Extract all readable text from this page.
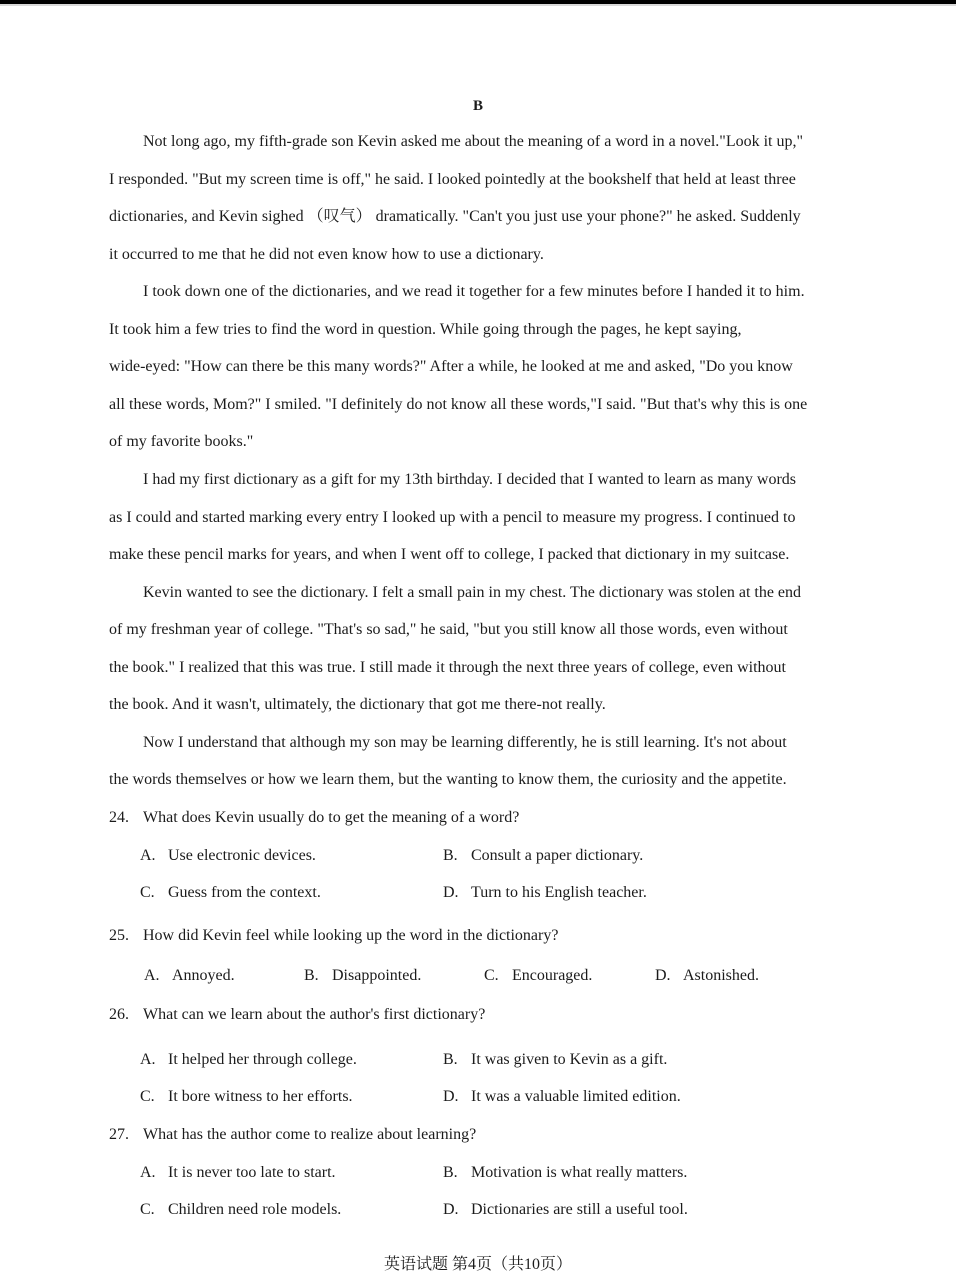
B
Not long ago, my fifth-grade son Kevin asked me about the meaning of a word in a novel."Look it up,"
I responded. "But my screen time is off," he said. I looked pointedly at the bookshelf that held at least three
dictionaries, and Kevin sighed （叹气） dramatically. "Can't you just use your phone?" he asked. Suddenly
it occurred to me that he did not even know how to use a dictionary.
I took down one of the dictionaries, and we read it together for a few minutes before I handed it to him.
It took him a few tries to find the word in question. While going through the pages, he kept saying,
wide-eyed: "How can there be this many words?" After a while, he looked at me and asked, "Do you know
all these words, Mom?" I smiled. "I definitely do not know all these words,"I said. "But that's why this is one
of my favorite books."
I had my first dictionary as a gift for my 13th birthday. I decided that I wanted to learn as many words
as I could and started marking every entry I looked up with a pencil to measure my progress. I continued to
make these pencil marks for years, and when I went off to college, I packed that dictionary in my suitcase.
Kevin wanted to see the dictionary. I felt a small pain in my chest. The dictionary was stolen at the end
of my freshman year of college. "That's so sad," he said, "but you still know all those words, even without
the book." I realized that this was true. I still made it through the next three years of college, even without
the book. And it wasn't, ultimately, the dictionary that got me there-not really.
Now I understand that although my son may be learning differently, he is still learning. It's not about
the words themselves or how we learn them, but the wanting to know them, the curiosity and the appetite.
24. What does Kevin usually do to get the meaning of a word?
A. Use electronic devices.	B. Consult a paper dictionary.
C. Guess from the context.	D. Turn to his English teacher.
25. How did Kevin feel while looking up the word in the dictionary?
A. Annoyed.	B. Disappointed.	C. Encouraged.	D. Astonished.
26. What can we learn about the author's first dictionary?
A. It helped her through college.	B. It was given to Kevin as a gift.
C. It bore witness to her efforts.	D. It was a valuable limited edition.
27. What has the author come to realize about learning?
A. It is never too late to start.	B. Motivation is what really matters.
C. Children need role models.	D. Dictionaries are still a useful tool.
英语试题 第4页（共10页）
